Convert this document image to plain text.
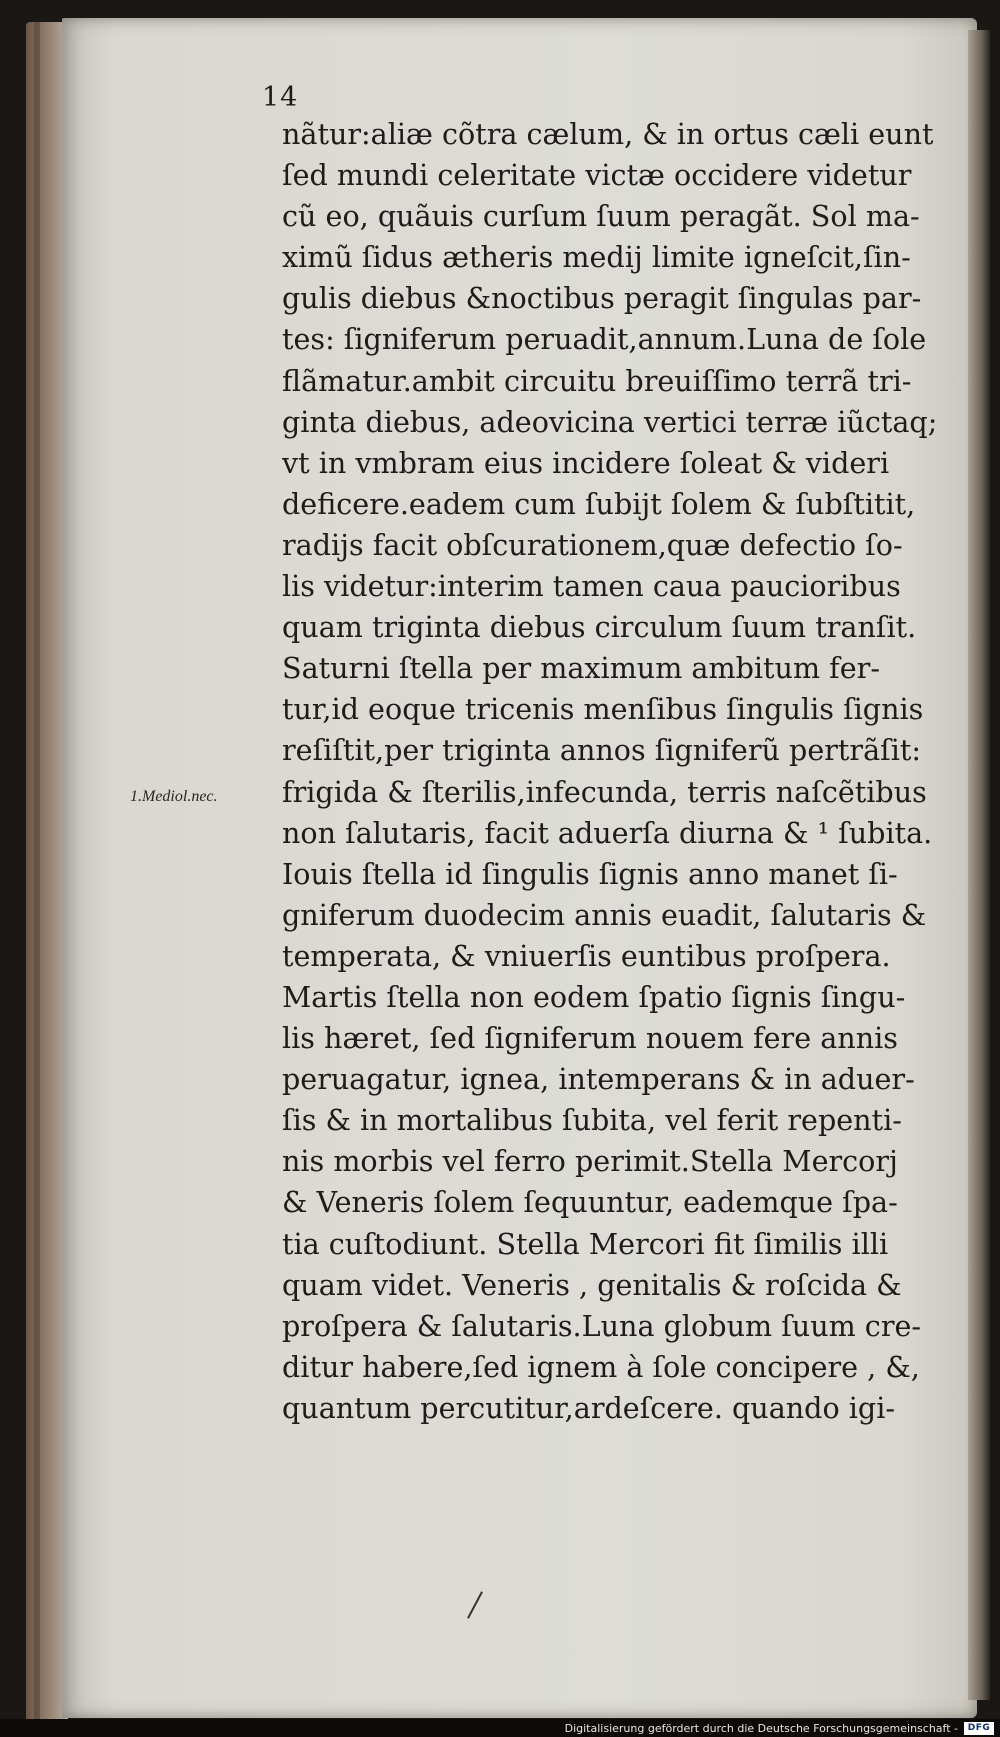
14
1.Mediol.nec.
nãtur:aliæ cõtra cælum, & in ortus cæli eunt
ſed mundi celeritate victæ occidere videtur
cũ eo, quãuis curſum ſuum peragãt. Sol ma-
ximũ ſidus ætheris medij limite igneſcit,ſin-
gulis diebus &noctibus peragit ſingulas par-
tes: ſigniferum peruadit,annum.Luna de ſole
flãmatur.ambit circuitu breuiſſimo terrã tri-
ginta diebus, adeovicina vertici terræ iũctaq;
vt in vmbram eius incidere ſoleat & videri
deficere.eadem cum ſubijt ſolem & ſubſtitit,
radijs facit obſcurationem,quæ defectio ſo-
lis videtur:interim tamen caua paucioribus
quam triginta diebus circulum ſuum tranſit.
Saturni ſtella per maximum ambitum fer-
tur,id eoque tricenis menſibus ſingulis ſignis
reſiſtit,per triginta annos ſigniferũ pertrãſit:
frigida & ſterilis,infecunda, terris naſcẽtibus
non ſalutaris, facit aduerſa diurna & ¹ ſubita.
Iouis ſtella id ſingulis ſignis anno manet ſi-
gniferum duodecim annis euadit, ſalutaris &
temperata, & vniuerſis euntibus proſpera.
Martis ſtella non eodem ſpatio ſignis ſingu-
lis hæret, ſed ſigniferum nouem fere annis
peruagatur, ignea, intemperans & in aduer-
ſis & in mortalibus ſubita, vel ferit repenti-
nis morbis vel ferro perimit.Stella Mercorj
& Veneris ſolem ſequuntur, eademque ſpa-
tia cuſtodiunt. Stella Mercori fit ſimilis illi
quam videt. Veneris , genitalis & roſcida &
proſpera & ſalutaris.Luna globum ſuum cre-
ditur habere,ſed ignem à ſole concipere , &,
quantum percutitur,ardeſcere. quando igi-
Digitalisierung gefördert durch die Deutsche Forschungsgemeinschaft -	DFG
